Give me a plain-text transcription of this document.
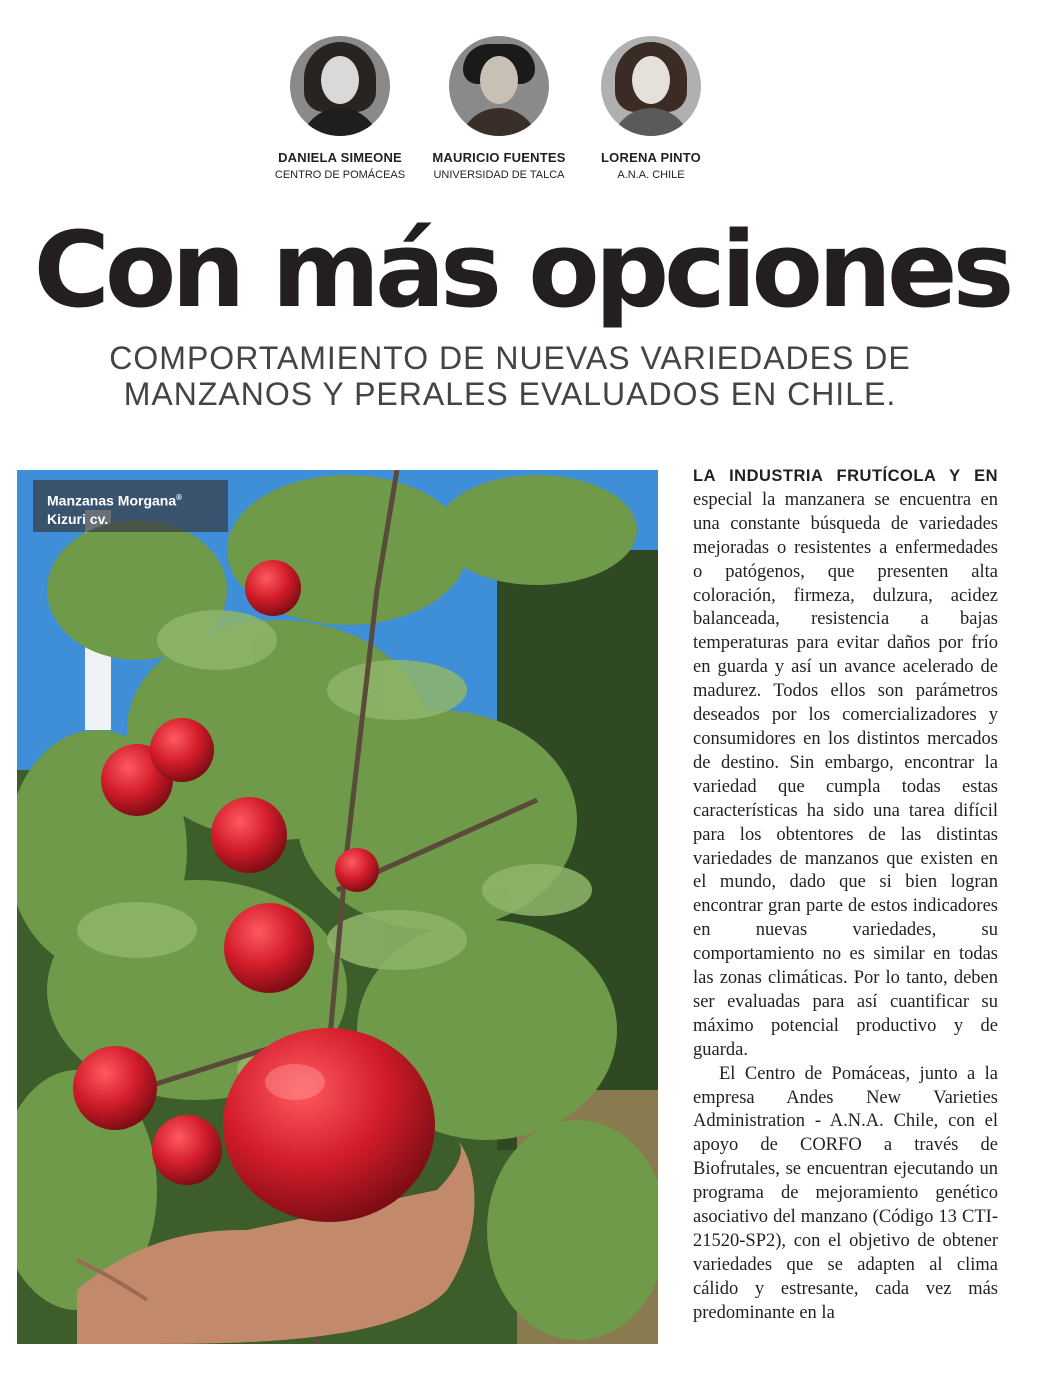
DANIELA SIMEONE
CENTRO DE POMÁCEAS
MAURICIO FUENTES
UNIVERSIDAD DE TALCA
LORENA PINTO
A.N.A. CHILE
Con más opciones
COMPORTAMIENTO DE NUEVAS VARIEDADES DE
MANZANOS Y PERALES EVALUADOS EN CHILE.
Manzanas Morgana®
Kizuri cv.

LA INDUSTRIA FRUTÍCOLA Y EN especial la manzanera se encuentra en una constante búsqueda de variedades mejoradas o resistentes a enfermedades o patógenos, que presenten alta coloración, firmeza, dulzura, acidez balanceada, resistencia a bajas temperaturas para evitar daños por frío en guarda y así un avance acelerado de madurez. Todos ellos son parámetros deseados por los comercializadores y consumidores en los distintos mercados de destino. Sin embargo, encontrar la variedad que cumpla todas estas características ha sido una tarea difícil para los obtentores de las distintas variedades de manzanos que existen en el mundo, dado que si bien logran encontrar gran parte de estos indicadores en nuevas variedades, su comportamiento no es similar en todas las zonas climáticas. Por lo tanto, deben ser evaluadas para así cuantificar su máximo potencial productivo y de guarda.

El Centro de Pomáceas, junto a la empresa Andes New Varieties Administration - A.N.A. Chile, con el apoyo de CORFO a través de Biofrutales, se encuentran ejecutando un programa de mejoramiento genético asociativo del manzano (Código 13 CTI-21520-SP2), con el objetivo de obtener variedades que se adapten al clima cálido y estresante, cada vez más predominante en la
